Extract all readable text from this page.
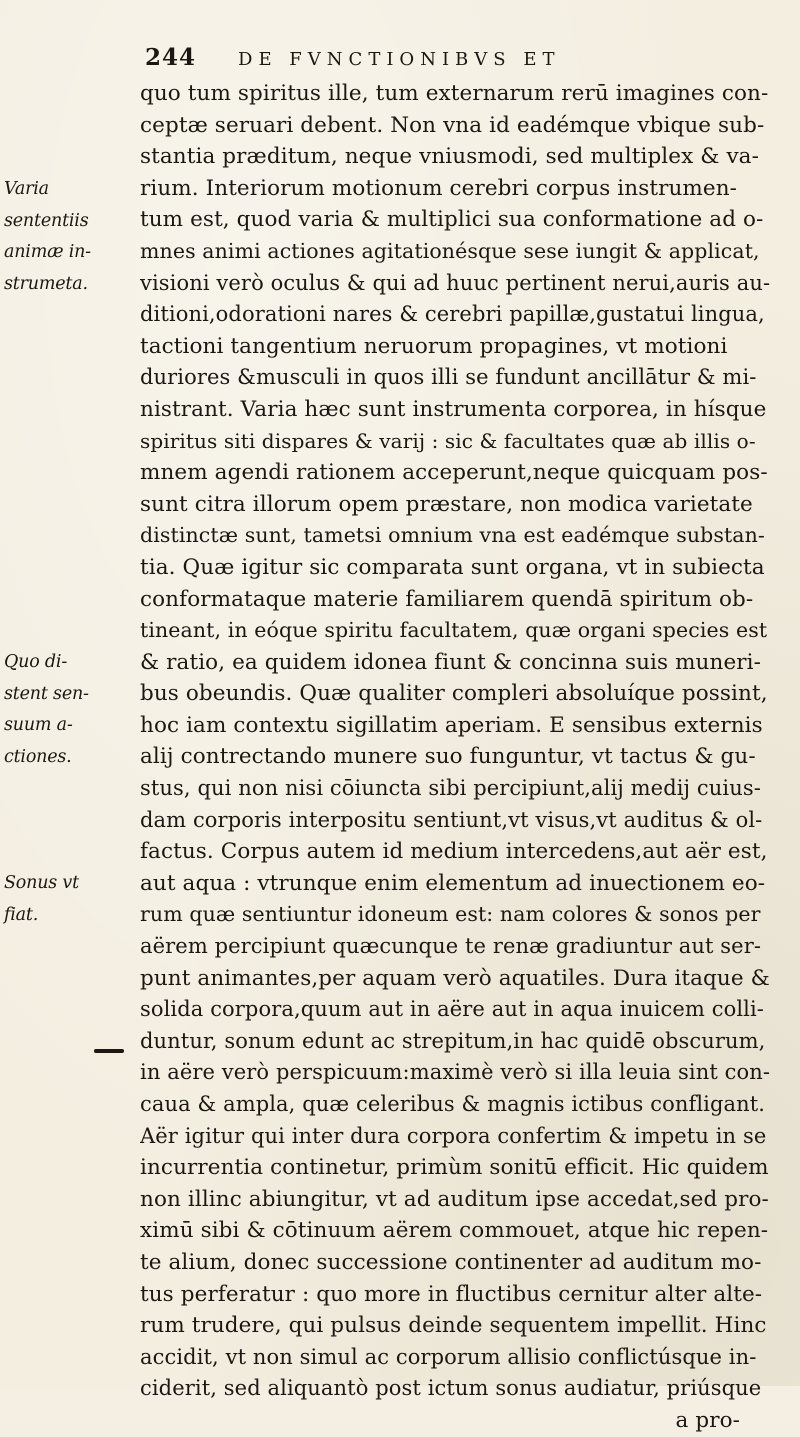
244 DE FVNCTIONIBVS ET
Varia
sententiis
animæ in-
strumeta.
Quo di-
stent sen-
suum a-
ctiones.
Sonus vt
fiat.
quo tum spiritus ille, tum externarum rerū imagines con-
ceptæ seruari debent. Non vna id eadémque vbique sub-
stantia præditum, neque vniusmodi, sed multiplex & va-
rium. Interiorum motionum cerebri corpus instrumen-
tum est, quod varia & multiplici sua conformatione ad o-
mnes animi actiones agitationésque sese iungit & applicat,
visioni verò oculus & qui ad huuc pertinent nerui,auris au-
ditioni,odorationi nares & cerebri papillæ,gustatui lingua,
tactioni tangentium neruorum propagines, vt motioni
duriores &musculi in quos illi se fundunt ancillātur & mi-
nistrant. Varia hæc sunt instrumenta corporea, in hísque
spiritus siti dispares & varij : sic & facultates quæ ab illis o-
mnem agendi rationem acceperunt,neque quicquam pos-
sunt citra illorum opem præstare, non modica varietate
distinctæ sunt, tametsi omnium vna est eadémque substan-
tia. Quæ igitur sic comparata sunt organa, vt in subiecta
conformataque materie familiarem quendā spiritum ob-
tineant, in eóque spiritu facultatem, quæ organi species est
& ratio, ea quidem idonea fiunt & concinna suis muneri-
bus obeundis. Quæ qualiter compleri absoluíque possint,
hoc iam contextu sigillatim aperiam. E sensibus externis
alij contrectando munere suo funguntur, vt tactus & gu-
stus, qui non nisi cōiuncta sibi percipiunt,alij medij cuius-
dam corporis interpositu sentiunt,vt visus,vt auditus & ol-
factus. Corpus autem id medium intercedens,aut aër est,
aut aqua : vtrunque enim elementum ad inuectionem eo-
rum quæ sentiuntur idoneum est: nam colores & sonos per
aërem percipiunt quæcunque te renæ gradiuntur aut ser-
punt animantes,per aquam verò aquatiles. Dura itaque &
solida corpora,quum aut in aëre aut in aqua inuicem colli-
duntur, sonum edunt ac strepitum,in hac quidē obscurum,
in aëre verò perspicuum:maximè verò si illa leuia sint con-
caua & ampla, quæ celeribus & magnis ictibus confligant.
Aër igitur qui inter dura corpora confertim & impetu in se
incurrentia continetur, primùm sonitū efficit. Hic quidem
non illinc abiungitur, vt ad auditum ipse accedat,sed pro-
ximū sibi & cōtinuum aërem commouet, atque hic repen-
te alium, donec successione continenter ad auditum mo-
tus perferatur : quo more in fluctibus cernitur alter alte-
rum trudere, qui pulsus deinde sequentem impellit. Hinc
accidit, vt non simul ac corporum allisio conflictúsque in-
ciderit, sed aliquantò post ictum sonus audiatur, priúsque
a pro-
